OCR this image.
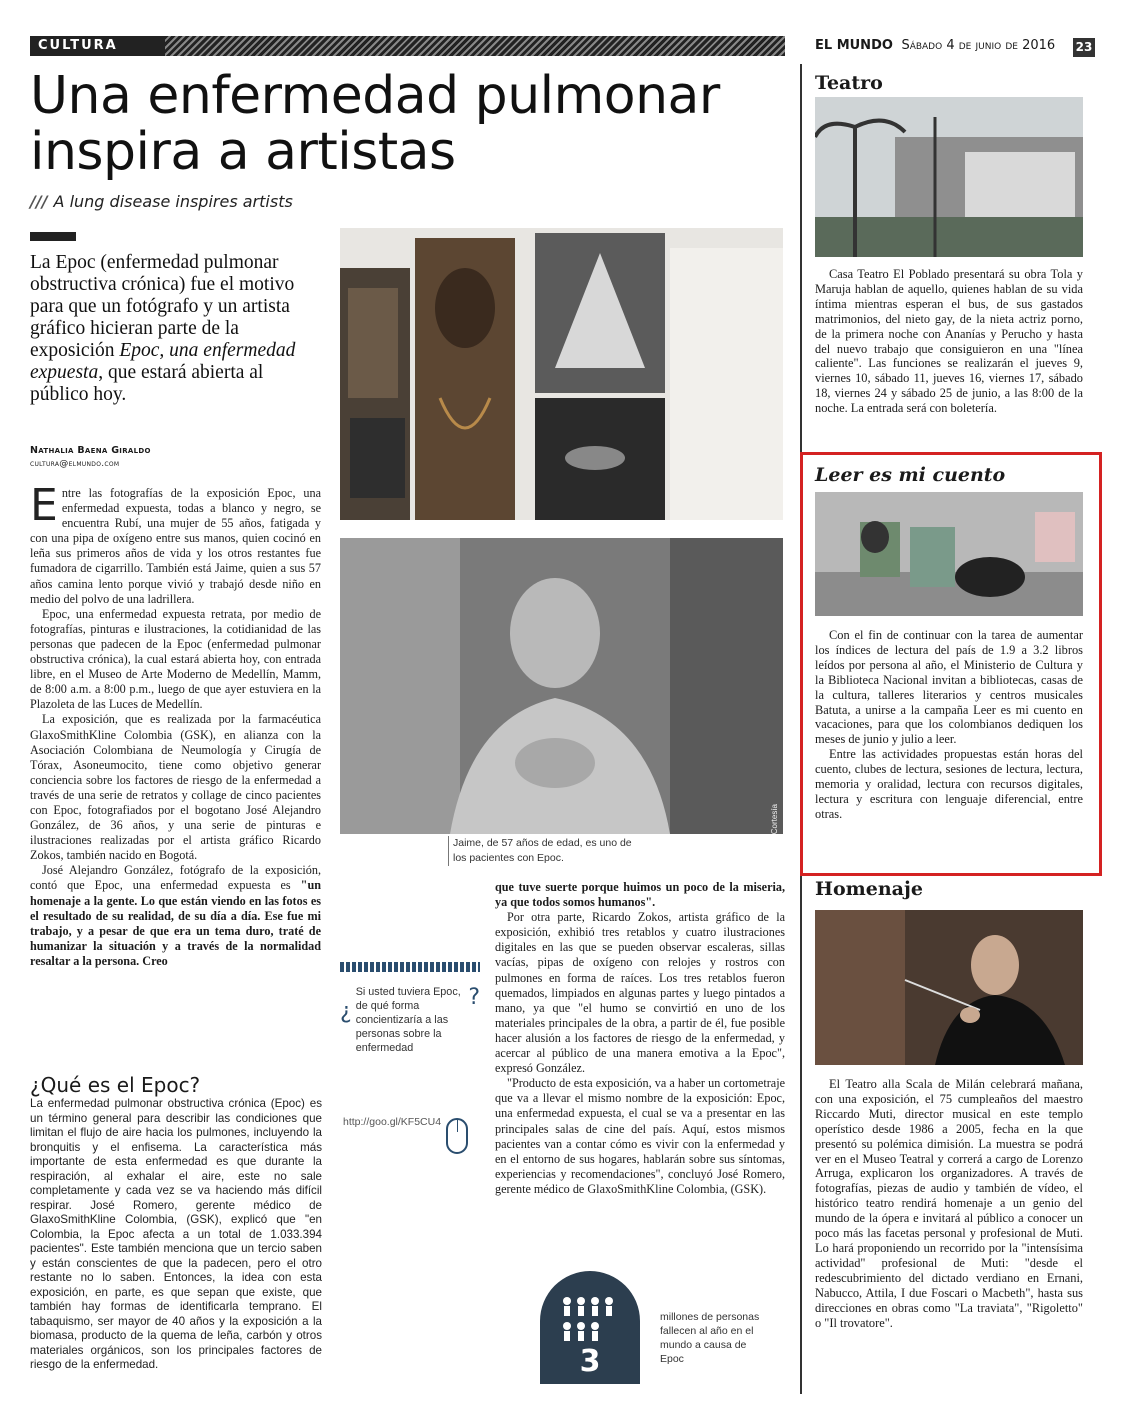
CULTURA	EL MUNDO Sábado 4 de junio de 2016 23
Una enfermedad pulmonar inspira a artistas
/// A lung disease inspires artists
La Epoc (enfermedad pulmonar obstructiva crónica) fue el motivo para que un fotógrafo y un artista gráfico hicieran parte de la exposición Epoc, una enfermedad expuesta, que estará abierta al público hoy.
Nathalia Baena Giraldo
cultura@elmundo.com

Entre las fotografías de la exposición Epoc, una enfermedad expuesta, todas a blanco y negro, se encuentra Rubí, una mujer de 55 años, fatigada y con una pipa de oxígeno entre sus manos, quien cocinó en leña sus primeros años de vida y los otros restantes fue fumadora de cigarrillo. También está Jaime, quien a sus 57 años camina lento porque vivió y trabajó desde niño en medio del polvo de una ladrillera.

Epoc, una enfermedad expuesta retrata, por medio de fotografías, pinturas e ilustraciones, la cotidianidad de las personas que padecen de la Epoc (enfermedad pulmonar obstructiva crónica), la cual estará abierta hoy, con entrada libre, en el Museo de Arte Moderno de Medellín, Mamm, de 8:00 a.m. a 8:00 p.m., luego de que ayer estuviera en la Plazoleta de las Luces de Medellín.

La exposición, que es realizada por la farmacéutica GlaxoSmithKline Colombia (GSK), en alianza con la Asociación Colombiana de Neumología y Cirugía de Tórax, Asoneumocito, tiene como objetivo generar conciencia sobre los factores de riesgo de la enfermedad a través de una serie de retratos y collage de cinco pacientes con Epoc, fotografiados por el bogotano José Alejandro González, de 36 años, y una serie de pinturas e ilustraciones realizadas por el artista gráfico Ricardo Zokos, también nacido en Bogotá.

José Alejandro González, fotógrafo de la exposición, contó que Epoc, una enfermedad expuesta es "un homenaje a la gente. Lo que están viendo en las fotos es el resultado de su realidad, de su día a día. Ese fue mi trabajo, y a pesar de que era un tema duro, traté de humanizar la situación y a través de la normalidad resaltar a la persona. Creo

Cortesía
Jaime, de 57 años de edad, es uno de los pacientes con Epoc.

que tuve suerte porque huimos un poco de la miseria, ya que todos somos humanos".

Por otra parte, Ricardo Zokos, artista gráfico de la exposición, exhibió tres retablos y cuatro ilustraciones digitales en las que se pueden observar escaleras, sillas vacías, pipas de oxígeno con relojes y rostros con pulmones en forma de raíces. Los tres retablos fueron quemados, limpiados en algunas partes y luego pintados a mano, ya que "el humo se convirtió en uno de los materiales principales de la obra, a partir de él, fue posible hacer alusión a los factores de riesgo de la enfermedad, y acercar al público de una manera emotiva a la Epoc", expresó González.

"Producto de esta exposición, va a haber un cortometraje que va a llevar el mismo nombre de la exposición: Epoc, una enfermedad expuesta, el cual se va a presentar en las principales salas de cine del país. Aquí, estos mismos pacientes van a contar cómo es vivir con la enfermedad y en el entorno de sus hogares, hablarán sobre sus síntomas, experiencias y recomendaciones", concluyó José Romero, gerente médico de GlaxoSmithKline Colombia, (GSK).

¿
Si usted tuviera Epoc, de qué forma concientizaría a las personas sobre la enfermedad
?
http://goo.gl/KF5CU4
¿Qué es el Epoc?
La enfermedad pulmonar obstructiva crónica (Epoc) es un término general para describir las condiciones que limitan el flujo de aire hacia los pulmones, incluyendo la bronquitis y el enfisema. La característica más importante de esta enfermedad es que durante la respiración, al exhalar el aire, este no sale completamente y cada vez se va haciendo más difícil respirar. José Romero, gerente médico de GlaxoSmithKline Colombia, (GSK), explicó que "en Colombia, la Epoc afecta a un total de 1.033.394 pacientes". Este también menciona que un tercio saben y están conscientes de que la padecen, pero el otro restante no lo saben. Entonces, la idea con esta exposición, en parte, es que sepan que existe, que también hay formas de identificarla temprano. El tabaquismo, ser mayor de 40 años y la exposición a la biomasa, producto de la quema de leña, carbón y otros materiales orgánicos, son los principales factores de riesgo de la enfermedad.	3
millones de personas fallecen al año en el mundo a causa de Epoc
Teatro
Casa Teatro El Poblado presentará su obra Tola y Maruja hablan de aquello, quienes hablan de su vida íntima mientras esperan el bus, de sus gastados matrimonios, del nieto gay, de la nieta actriz porno, de la primera noche con Ananías y Perucho y hasta del nuevo trabajo que consiguieron en una "línea caliente". Las funciones se realizarán el jueves 9, viernes 10, sábado 11, jueves 16, viernes 17, sábado 18, viernes 24 y sábado 25 de junio, a las 8:00 de la noche. La entrada será con boletería.
Leer es mi cuento

Con el fin de continuar con la tarea de aumentar los índices de lectura del país de 1.9 a 3.2 libros leídos por persona al año, el Ministerio de Cultura y la Biblioteca Nacional invitan a bibliotecas, casas de la cultura, talleres literarios y centros musicales Batuta, a unirse a la campaña Leer es mi cuento en vacaciones, para que los colombianos dediquen los meses de junio y julio a leer.

Entre las actividades propuestas están horas del cuento, clubes de lectura, sesiones de lectura, lectura, memoria y oralidad, lectura con recursos digitales, lectura y escritura con lenguaje diferencial, entre otras.

Homenaje
El Teatro alla Scala de Milán celebrará mañana, con una exposición, el 75 cumpleaños del maestro Riccardo Muti, director musical en este templo operístico desde 1986 a 2005, fecha en la que presentó su polémica dimisión. La muestra se podrá ver en el Museo Teatral y correrá a cargo de Lorenzo Arruga, explicaron los organizadores. A través de fotografías, piezas de audio y también de vídeo, el histórico teatro rendirá homenaje a un genio del mundo de la ópera e invitará al público a conocer un poco más las facetas personal y profesional de Muti. Lo hará proponiendo un recorrido por la "intensísima actividad" profesional de Muti: "desde el redescubrimiento del dictado verdiano en Ernani, Nabucco, Attila, I due Foscari o Macbeth", hasta sus direcciones en obras como "La traviata", "Rigoletto" o "Il trovatore".
